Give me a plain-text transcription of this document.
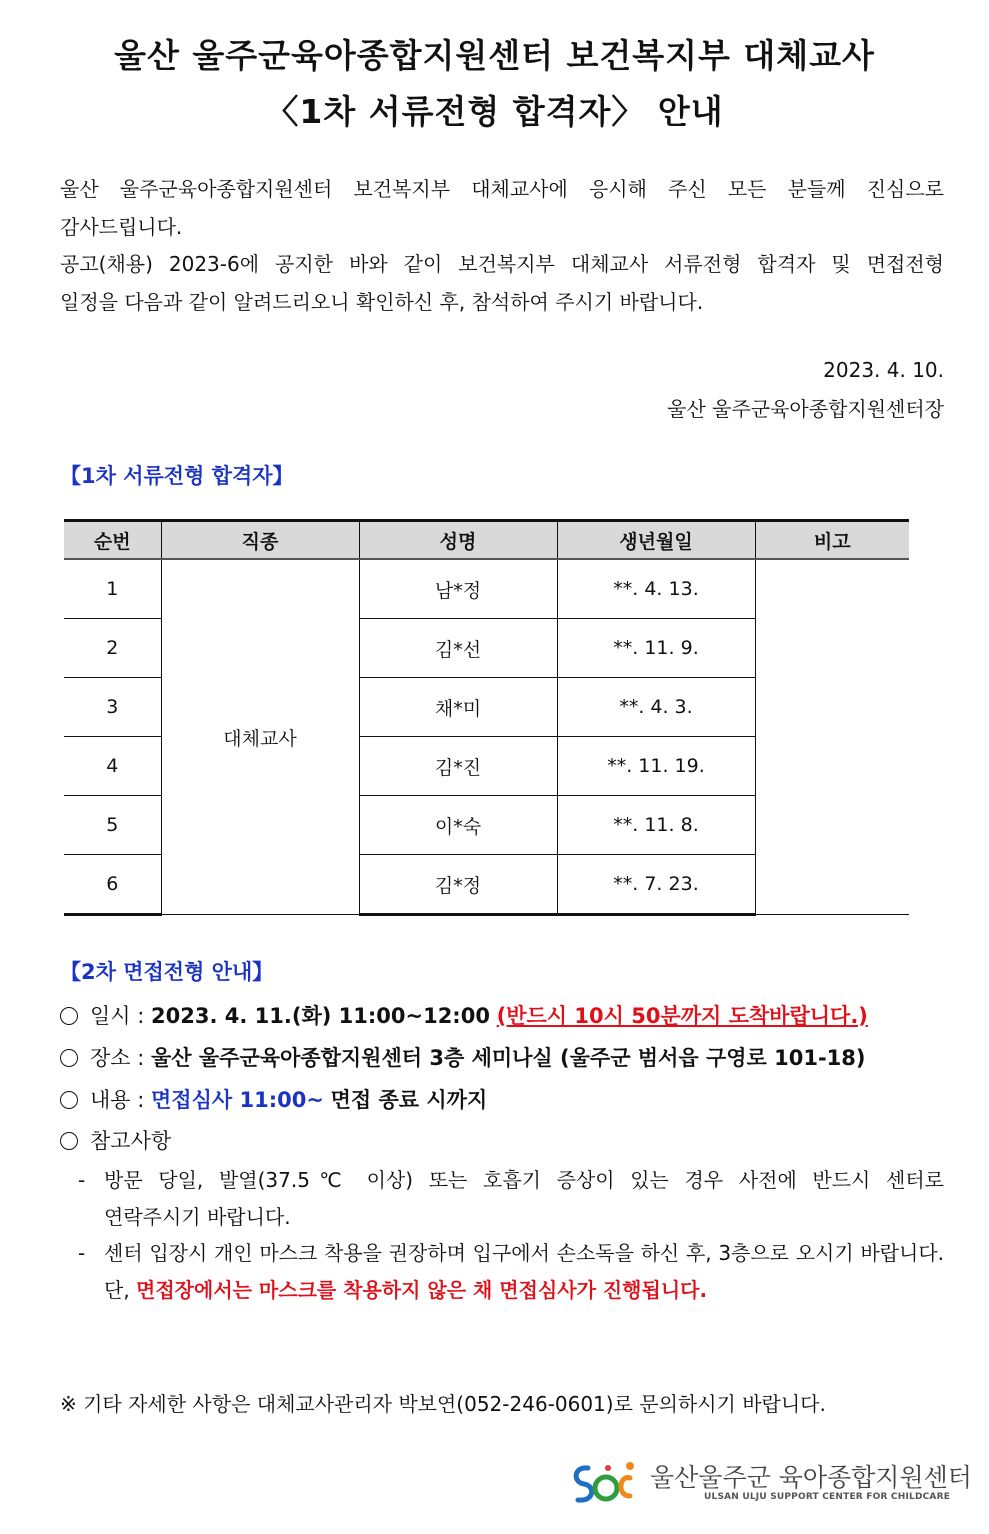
울산 울주군육아종합지원센터 보건복지부 대체교사
〈1차 서류전형 합격자〉 안내
울산 울주군육아종합지원센터 보건복지부 대체교사에 응시해 주신 모든 분들께 진심으로
감사드립니다.
공고(채용) 2023-6에 공지한 바와 같이 보건복지부 대체교사 서류전형 합격자 및 면접전형
일정을 다음과 같이 알려드리오니 확인하신 후, 참석하여 주시기 바랍니다.
2023. 4. 10.
울산 울주군육아종합지원센터장
【1차 서류전형 합격자】
순번	직종	성명	생년월일	비고
1	대체교사	남*정	**. 4. 13.	
2		김*선	**. 11. 9.	
3		채*미	**. 4. 3.	
4		김*진	**. 11. 19.	
5		이*숙	**. 11. 8.	
6		김*정	**. 7. 23.	
【2차 면접전형 안내】
일시 : 2023. 4. 11.(화) 11:00~12:00 (반드시 10시 50분까지 도착바랍니다.)
장소 : 울산 울주군육아종합지원센터 3층 세미나실 (울주군 범서읍 구영로 101-18)
내용 : 면접심사 11:00~ 면접 종료 시까지
참고사항
- 방문 당일, 발열(37.5℃ 이상) 또는 호흡기 증상이 있는 경우 사전에 반드시 센터로
연락주시기 바랍니다.
- 센터 입장시 개인 마스크 착용을 권장하며 입구에서 손소독을 하신 후, 3층으로 오시기 바랍니다. 단, 면접장에서는 마스크를 착용하지 않은 채 면접심사가 진행됩니다.
※ 기타 자세한 사항은 대체교사관리자 박보연(052-246-0601)로 문의하시기 바랍니다.
울산울주군 육아종합지원센터
ULSAN ULJU SUPPORT CENTER FOR CHILDCARE
